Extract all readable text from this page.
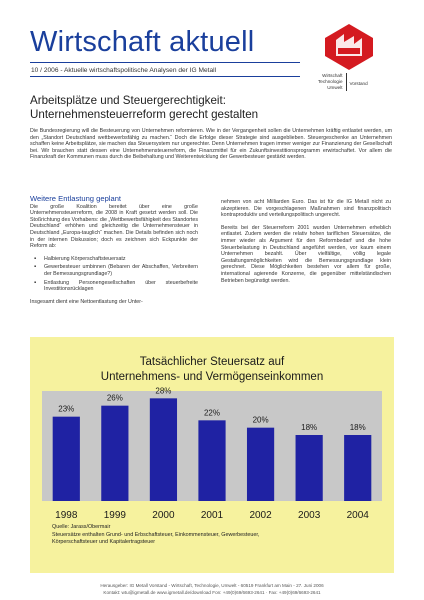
Wirtschaft aktuell
10 / 2006 - Aktuelle wirtschaftspolitische Analysen der IG Metall
Wirtschaft
Technologie
Umwelt
Vorstand
Arbeitsplätze und Steuergerechtigkeit:
Unternehmensteuerreform gerecht gestalten

Die Bundesregierung will die Besteuerung von Unternehmen reformieren. Wie in der Vergangenheit sollen die Unternehmen kräftig entlastet werden, um den „Standort Deutschland wettbewerbsfähig zu machen.“ Doch die Erfolge dieser Strategie sind ausgeblieben. Steuergeschenke an Unternehmen schaffen keine Arbeitsplätze, sie machen das Steuersystem nur ungerechter. Denn Unternehmen tragen immer weniger zur Finanzierung der Gesellschaft bei. Wir brauchen statt dessen eine Unternehmensteuerreform, die Finanzmittel für ein Zukunftsinvestitionsprogramm erwirtschaftet. Vor allem die Finanzkraft der Kommunen muss durch die Beibehaltung und Weiterentwicklung der Gewerbesteuer gestärkt werden.

Weitere Entlastung geplant

Die große Koalition bereitet über eine große Unternehmensteuerreform, die 2008 in Kraft gesetzt werden soll. Die Stoßrichtung des Vorhabens: die „Wettbewerbsfähigkeit des Standortes Deutschland“ erhöhen und gleichzeitig die Unternehmensteuer in Deutschland „Europa-tauglich“ machen. Die Details befinden sich noch in der internen Diskussion; doch es zeichnen sich Eckpunkte der Reform ab:

▪ Halbierung Körperschaftsteuersatz
▪ Gewerbesteuer umbinnen (Bebaren der Abschaffen, Verbreitern der Bemessungsgrundlage?)
▪ Entlastung Personengesellschaften über steuerbefreite Investitionsrücklagen

Insgesamt dient eine Nettoentlastung der Unter-

nehmen von acht Milliarden Euro. Das ist für die IG Metall nicht zu akzeptieren. Die vorgeschlagenen Maßnahmen sind finanzpolitisch kontraproduktiv und verteilungspolitisch ungerecht.

Bereits bei der Steuerreform 2001 wurden Unternehmen erheblich entlastet. Zudem werden die relativ hohen tariflichen Steuersätze, die immer wieder als Argument für den Reformbedarf und die hohe Steuerbelastung in Deutschland angeführt werden, vor kaum einem Unternehmen bezahlt. Über vielfältige, völlig legale Gestaltungsmöglichkeiten wird die Bemessungsgrundlage klein gerechnet. Diese Möglichkeiten bestehen vor allem für große, international agierende Konzerne, die gegenüber mittelständischen Betrieben begünstigt werden.

Tatsächlicher Steuersatz auf
Unternehmens- und Vermögenseinkommen
23%
1998
26%
1999
28%
2000
22%
2001
20%
2002
18%
2003
18%
2004
Quelle: Jarass/Obermair
Steuersätze enthalten Grund- und Erbschaftsteuer, Einkommensteuer, Gewerbesteuer,
Körperschaftsteuer und Kapitalertragsteuer
Herausgeber: IG Metall Vorstand - Wirtschaft, Technologie, Umwelt - 60519 Frankfurt am Main - 27. Juni 2006
Kontakt: wtu@igmetall.de www.igmetall.de/download Fon: +49(0)69/6693-2641 · Fax: +49(0)69/6693-2641
